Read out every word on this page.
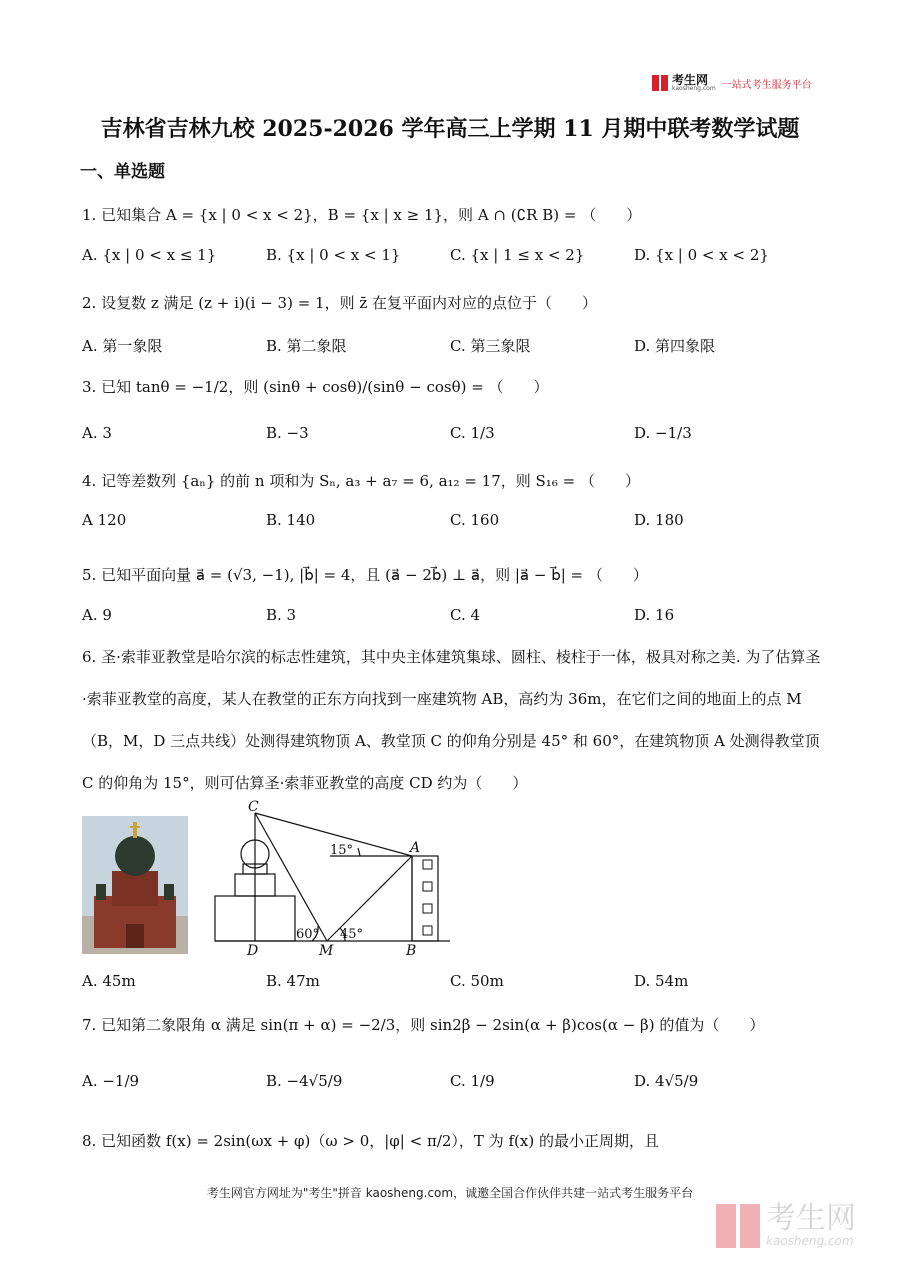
考生网
kaosheng.com 一站式考生服务平台
吉林省吉林九校 2025-2026 学年高三上学期 11 月期中联考数学试题
一、单选题
1. 已知集合 A = {x | 0 < x < 2}，B = {x | x ≥ 1}，则 A ∩ (∁R B) = （　　）
A. {x | 0 < x ≤ 1}	B. {x | 0 < x < 1}	C. {x | 1 ≤ x < 2}	D. {x | 0 < x < 2}
2. 设复数 z 满足 (z + i)(i − 3) = 1，则 z̄ 在复平面内对应的点位于（　　）
A. 第一象限	B. 第二象限	C. 第三象限	D. 第四象限
3. 已知 tanθ = −1/2，则 (sinθ + cosθ)/(sinθ − cosθ) = （　　）
A. 3	B. −3	C. 1/3	D. −1/3
4. 记等差数列 {aₙ} 的前 n 项和为 Sₙ, a₃ + a₇ = 6, a₁₂ = 17，则 S₁₆ = （　　）
A 120	B. 140	C. 160	D. 180
5. 已知平面向量 a⃗ = (√3, −1), |b⃗| = 4，且 (a⃗ − 2b⃗) ⊥ a⃗，则 |a⃗ − b⃗| = （　　）
A. 9	B. 3	C. 4	D. 16
6. 圣·索菲亚教堂是哈尔滨的标志性建筑，其中央主体建筑集球、圆柱、棱柱于一体，极具对称之美. 为了估算圣·索菲亚教堂的高度，某人在教堂的正东方向找到一座建筑物 AB，高约为 36m，在它们之间的地面上的点 M（B，M，D 三点共线）处测得建筑物顶 A、教堂顶 C 的仰角分别是 45° 和 60°，在建筑物顶 A 处测得教堂顶 C 的仰角为 15°，则可估算圣·索菲亚教堂的高度 CD 约为（　　）
C
A
D	M	B
15°
60° 45°
A. 45m	B. 47m	C. 50m	D. 54m
7. 已知第二象限角 α 满足 sin(π + α) = −2/3，则 sin2β − 2sin(α + β)cos(α − β) 的值为（　　）
A. −1/9	B. −4√5/9	C. 1/9	D. 4√5/9
8. 已知函数 f(x) = 2sin(ωx + φ)（ω > 0，|φ| < π/2），T 为 f(x) 的最小正周期，且
考生网官方网址为"考生"拼音 kaosheng.com，诚邀全国合作伙伴共建一站式考生服务平台
考生网
kaosheng.com
